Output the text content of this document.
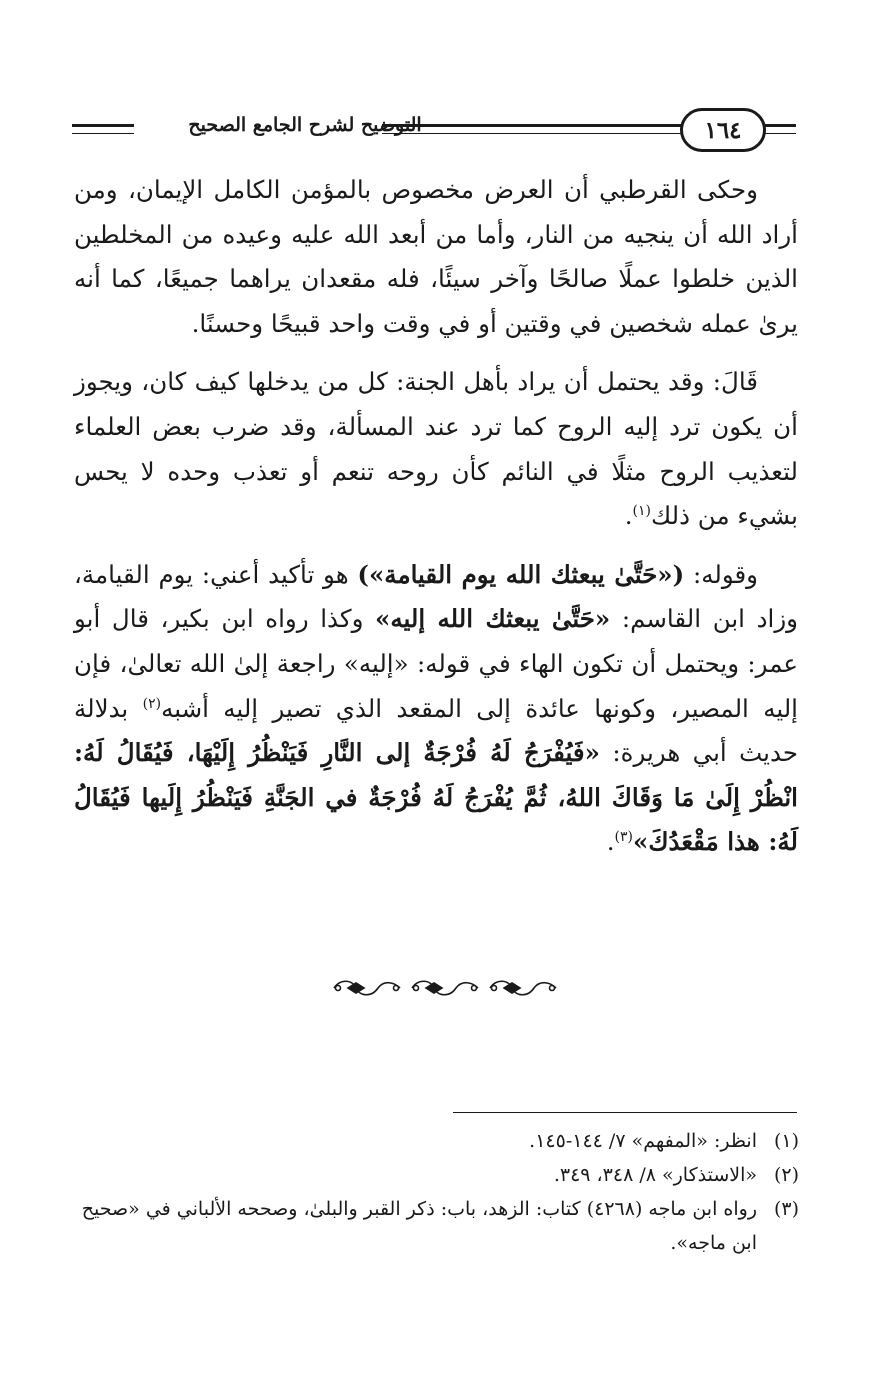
التوضيح لشرح الجامع الصحيح	١٦٤

وحكى القرطبي أن العرض مخصوص بالمؤمن الكامل الإيمان، ومن أراد الله أن ينجيه من النار، وأما من أبعد الله عليه وعيده من المخلطين الذين خلطوا عملًا صالحًا وآخر سيئًا، فله مقعدان يراهما جميعًا، كما أنه يرىٰ عمله شخصين في وقتين أو في وقت واحد قبيحًا وحسنًا.

قَالَ: وقد يحتمل أن يراد بأهل الجنة: كل من يدخلها كيف كان، ويجوز أن يكون ترد إليه الروح كما ترد عند المسألة، وقد ضرب بعض العلماء لتعذيب الروح مثلًا في النائم كأن روحه تنعم أو تعذب وحده لا يحس بشيء من ذلك$^{(١)}$.

وقوله: («حَتَّىٰ يبعثك الله يوم القيامة») هو تأكيد أعني: يوم القيامة، وزاد ابن القاسم: «حَتَّىٰ يبعثك الله إليه» وكذا رواه ابن بكير، قال أبو عمر: ويحتمل أن تكون الهاء في قوله: «إليه» راجعة إلىٰ الله تعالىٰ، فإن إليه المصير، وكونها عائدة إلى المقعد الذي تصير إليه أشبه$^{(٢)}$ بدلالة حديث أبي هريرة: «فَيُفْرَجُ لَهُ فُرْجَةٌ إلى النَّارِ فَيَنْظُرُ إِلَيْهَا، فَيُقَالُ لَهُ: انْظُرْ إِلَىٰ مَا وَقَاكَ اللهُ، ثُمَّ يُفْرَجُ لَهُ فُرْجَةٌ في الجَنَّةِ فَيَنْظُرُ إِلَيها فَيُقَالُ لَهُ: هذا مَقْعَدُكَ»$^{(٣)}$.

(١)
انظر: «المفهم» ٧/ ١٤٤-١٤٥.
(٢)
«الاستذكار» ٨/ ٣٤٨، ٣٤٩.
(٣)
رواه ابن ماجه (٤٢٦٨) كتاب: الزهد، باب: ذكر القبر والبلىٰ، وصححه الألباني في «صحيح ابن ماجه».
